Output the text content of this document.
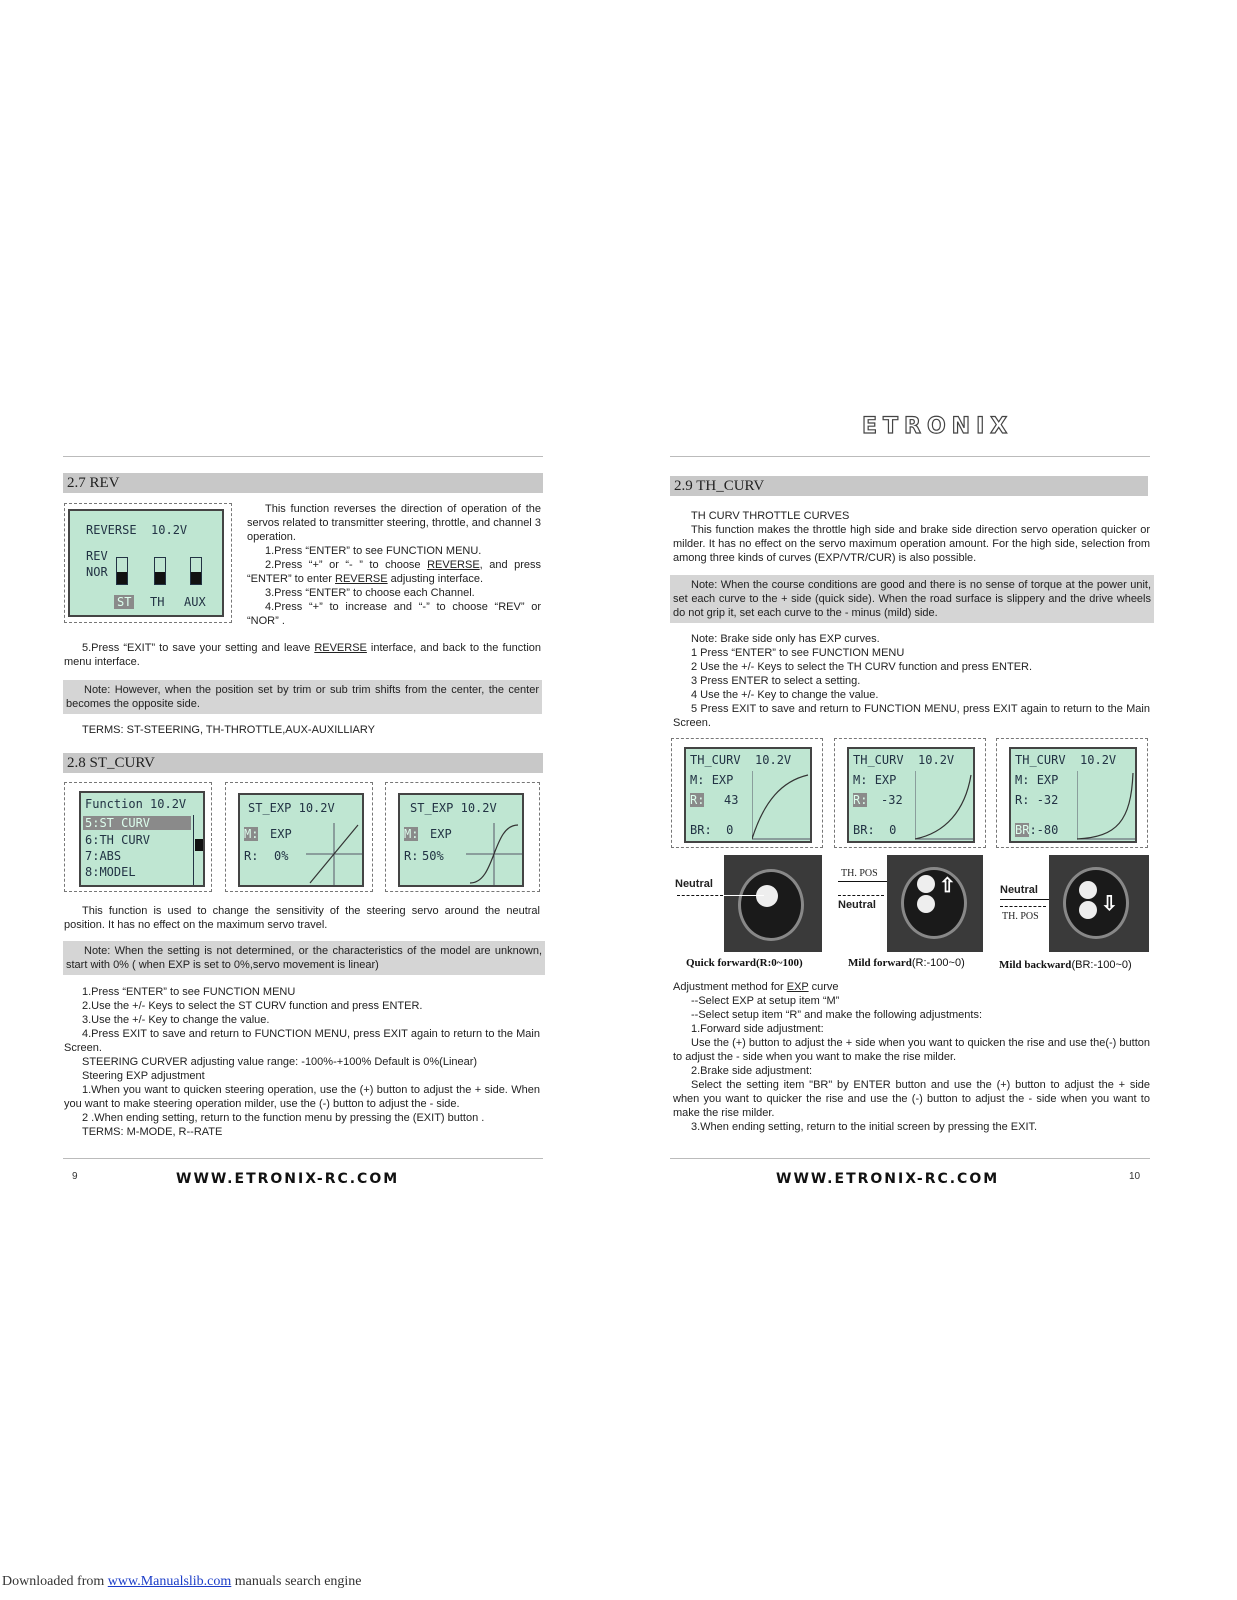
ETRONIX
2.7 REV
REVERSE 10.2V
REV
NOR
ST TH AUX

This function reverses the direction of operation of the servos related to transmitter steering, throttle, and channel 3 operation.

1.Press “ENTER” to see FUNCTION MENU.

2.Press “+” or “- ” to choose REVERSE, and press “ENTER” to enter REVERSE adjusting interface.

3.Press “ENTER” to choose each Channel.

4.Press “+” to increase and “-” to choose “REV” or “NOR” .

5.Press “EXIT” to save your setting and leave REVERSE interface, and back to the function menu interface.

Note: However, when the position set by trim or sub trim shifts from the center, the center becomes the opposite side.
TERMS: ST-STEERING, TH-THROTTLE,AUX-AUXILLIARY
2.8 ST_CURV
Function 10.2V
5:ST CURV
6:TH CURV
7:ABS
8:MODEL
ST_EXP 10.2V
M: EXP
R: 0%
ST_EXP 10.2V
M: EXP
R: 50%

This function is used to change the sensitivity of the steering servo around the neutral position. It has no effect on the maximum servo travel.

Note: When the setting is not determined, or the characteristics of the model are unknown, start with 0% ( when EXP is set to 0%,servo movement is linear)

1.Press “ENTER” to see FUNCTION MENU

2.Use the +/- Keys to select the ST CURV function and press ENTER.

3.Use the +/- Key to change the value.

4.Press EXIT to save and return to FUNCTION MENU, press EXIT again to return to the Main Screen.

STEERING CURVER adjusting value range: -100%-+100% Default is 0%(Linear)

Steering EXP adjustment

1.When you want to quicken steering operation, use the (+) button to adjust the + side. When you want to make steering operation milder, use the (-) button to adjust the - side.

2 .When ending setting, return to the function menu by pressing the (EXIT) button .

TERMS: M-MODE, R--RATE

9	WWW.ETRONIX-RC.COM
2.9 TH_CURV

TH CURV THROTTLE CURVES

This function makes the throttle high side and brake side direction servo operation quicker or milder. It has no effect on the servo maximum operation amount. For the high side, selection from among three kinds of curves (EXP/VTR/CUR) is also possible.

Note: When the course conditions are good and there is no sense of torque at the power unit, set each curve to the + side (quick side). When the road surface is slippery and the drive wheels do not grip it, set each curve to the - minus (mild) side.

Note: Brake side only has EXP curves.

1 Press “ENTER” to see FUNCTION MENU

2 Use the +/- Keys to select the TH CURV function and press ENTER.

3 Press ENTER to select a setting.

4 Use the +/- Key to change the value.

5 Press EXIT to save and return to FUNCTION MENU, press EXIT again to return to the Main Screen.

TH_CURV 10.2V
M: EXP
R: 43
BR: 0
TH_CURV 10.2V
M: EXP
R: -32
BR: 0
TH_CURV 10.2V
M: EXP
R: -32
BR:-80
Neutral
TH. POS
Neutral
⇧	Neutral
TH. POS
⇩
Quick forward(R:0~100)	Mild forward(R:-100~0)	Mild backward(BR:-100~0)

Adjustment method for EXP curve

--Select EXP at setup item “M”

--Select setup item “R” and make the following adjustments:

1.Forward side adjustment:

Use the (+) button to adjust the + side when you want to quicken the rise and use the(-) button to adjust the - side when you want to make the rise milder.

2.Brake side adjustment:

Select the setting item "BR" by ENTER button and use the (+) button to adjust the + side when you want to quicker the rise and use the (-) button to adjust the - side when you want to make the rise milder.

3.When ending setting, return to the initial screen by pressing the EXIT.

WWW.ETRONIX-RC.COM	10
Downloaded from www.Manualslib.com manuals search engine
